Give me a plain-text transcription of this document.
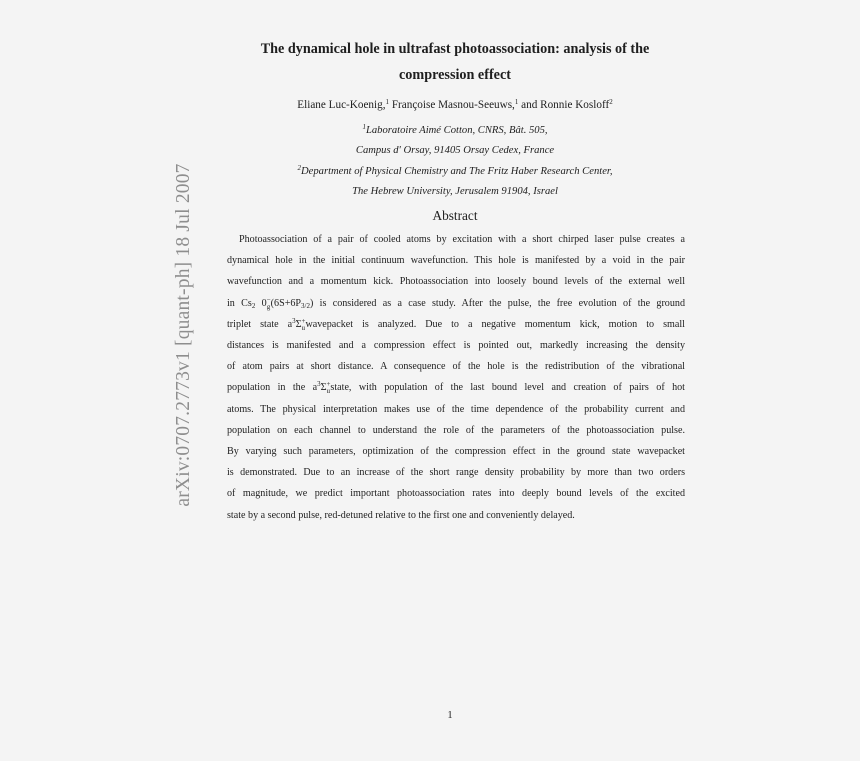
The dynamical hole in ultrafast photoassociation: analysis of the
compression effect
Eliane Luc-Koenig,$^1$ Françoise Masnou-Seeuws,$^1$ and Ronnie Kosloff$^2$
$^1$Laboratoire Aimé Cotton, CNRS, Bât. 505,
Campus d' Orsay, 91405 Orsay Cedex, France
$^2$Department of Physical Chemistry and The Fritz Haber Research Center,
The Hebrew University, Jerusalem 91904, Israel
Abstract
Photoassociation of a pair of cooled atoms by excitation with a short chirped laser pulse creates a
dynamical hole in the initial continuum wavefunction. This hole is manifested by a void in the pair
wavefunction and a momentum kick. Photoassociation into loosely bound levels of the external well
in $Cs_2$ 0 −
g $(6S+6P_{3/2})$ is considered as a case study. After the pulse, the free evolution of the ground
triplet state $a^3\Sigma$ +
u wavepacket is analyzed. Due to a negative momentum kick, motion to small
distances is manifested and a compression effect is pointed out, markedly increasing the density
of atom pairs at short distance. A consequence of the hole is the redistribution of the vibrational
population in the $a^3\Sigma$ +
u state, with population of the last bound level and creation of pairs of hot
atoms. The physical interpretation makes use of the time dependence of the probability current and
population on each channel to understand the role of the parameters of the photoassociation pulse.
By varying such parameters, optimization of the compression effect in the ground state wavepacket
is demonstrated. Due to an increase of the short range density probability by more than two orders
of magnitude, we predict important photoassociation rates into deeply bound levels of the excited
state by a second pulse, red-detuned relative to the first one and conveniently delayed.
arXiv:0707.2773v1 [quant-ph] 18 Jul 2007
1
